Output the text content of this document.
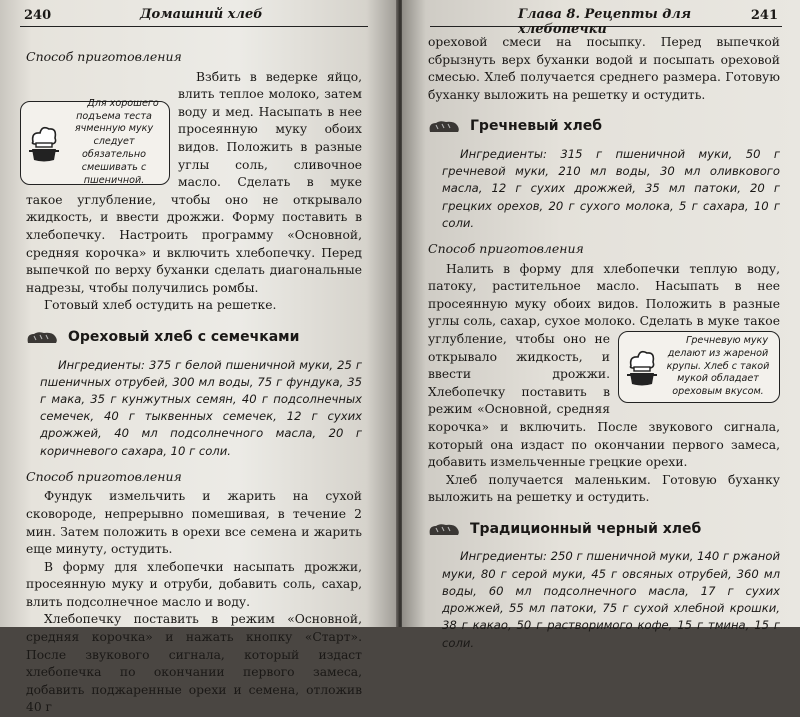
240	Домашний хлеб

Способ приготовления

Для хорошего подъема теста ячменную муку следует обязательно смешивать с пшеничной.
Взбить в ведерке яйцо, влить теплое молоко, затем воду и мед. Насыпать в нее просеянную муку обоих видов. Положить в разные углы соль, сливочное масло. Сделать в муке такое углубление, чтобы оно не открывало жидкость, и ввести дрожжи. Форму поставить в хлебопечку. Настроить программу «Основной, средняя корочка» и включить хлебопечку. Перед выпечкой по верху буханки сделать диагональные надрезы, чтобы получились ромбы.

Готовый хлеб остудить на решетке.

Ореховый хлеб с семечками

Ингредиенты: 375 г белой пшеничной муки, 25 г пшеничных отрубей, 300 мл воды, 75 г фундука, 35 г мака, 35 г кунжутных семян, 40 г подсолнечных семечек, 40 г тыквенных семечек, 12 г сухих дрожжей, 40 мл подсолнечного масла, 20 г коричневого сахара, 10 г соли.

Способ приготовления

Фундук измельчить и жарить на сухой сковороде, непрерывно помешивая, в течение 2 мин. Затем положить в орехи все семена и жарить еще минуту, остудить.

В форму для хлебопечки насыпать дрожжи, просеянную муку и отруби, добавить соль, сахар, влить подсолнечное масло и воду.

Хлебопечку поставить в режим «Основной, средняя корочка» и нажать кнопку «Старт». После звукового сигнала, который издаст хлебопечка по окончании первого замеса, добавить поджаренные орехи и семена, отложив 40 г

Глава 8. Рецепты для хлебопечки
241

ореховой смеси на посыпку. Перед выпечкой сбрызнуть верх буханки водой и посыпать ореховой смесью. Хлеб получается среднего размера. Готовую буханку выложить на решетку и остудить.

Гречневый хлеб

Ингредиенты: 315 г пшеничной муки, 50 г гречневой муки, 210 мл воды, 30 мл оливкового масла, 12 г сухих дрожжей, 35 мл патоки, 20 г грецких орехов, 20 г сухого молока, 5 г сахара, 10 г соли.

Способ приготовления

Налить в форму для хлебопечки теплую воду, патоку, растительное масло. Насыпать в нее просеянную муку обоих видов. Положить в разные углы соль, сахар, сухое молоко. Сделать в муке
Гречневую муку делают из жареной крупы. Хлеб с такой мукой обладает ореховым вкусом.
такое углубление, чтобы оно не открывало жидкость, и ввести дрожжи. Хлебопечку поставить в режим «Основной, средняя корочка» и включить. После звукового сигнала, который она издаст по окончании первого замеса, добавить измельченные грецкие орехи.

Хлеб получается маленьким. Готовую буханку выложить на решетку и остудить.

Традиционный черный хлеб

Ингредиенты: 250 г пшеничной муки, 140 г ржаной муки, 80 г серой муки, 45 г овсяных отрубей, 360 мл воды, 60 мл подсолнечного масла, 17 г сухих дрожжей, 55 мл патоки, 75 г сухой хлебной крошки, 38 г какао, 50 г растворимого кофе, 15 г тмина, 15 г соли.
